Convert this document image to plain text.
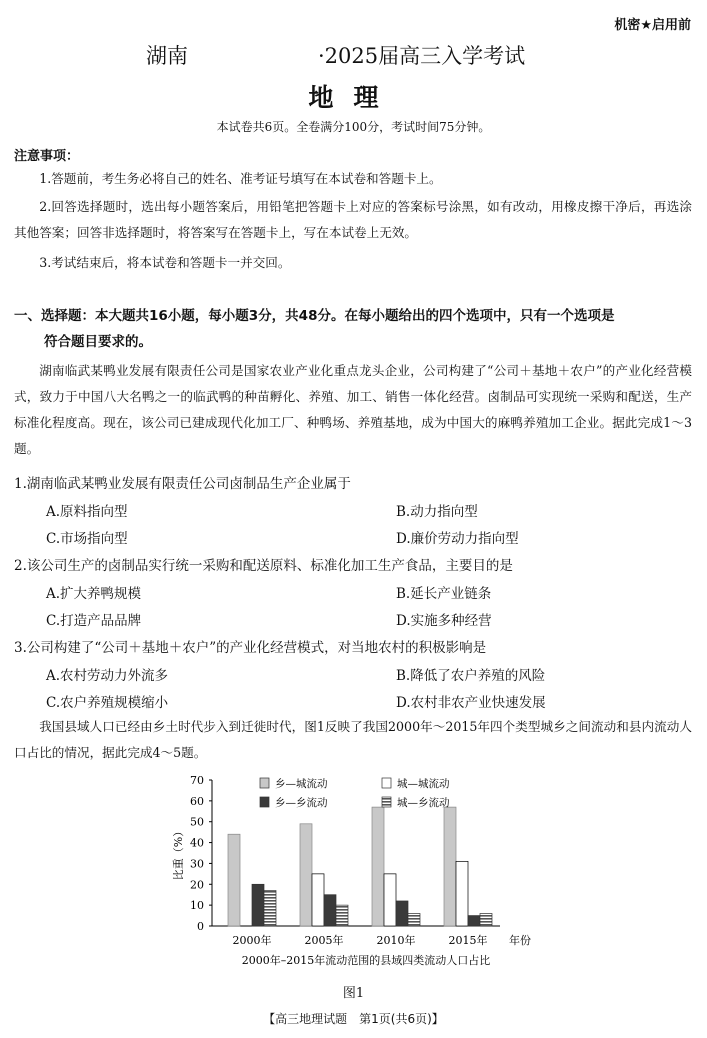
机密★启用前
湖南	·2025届高三入学考试
地理
本试卷共6页。全卷满分100分，考试时间75分钟。
注意事项：
1.答题前，考生务必将自己的姓名、准考证号填写在本试卷和答题卡上。
2.回答选择题时，选出每小题答案后，用铅笔把答题卡上对应的答案标号涂黑，如有改动，用橡皮擦干净后，再选涂其他答案；回答非选择题时，将答案写在答题卡上，写在本试卷上无效。
3.考试结束后，将本试卷和答题卡一并交回。
一、选择题：本大题共16小题，每小题3分，共48分。在每小题给出的四个选项中，只有一个选项是
符合题目要求的。
湖南临武某鸭业发展有限责任公司是国家农业产业化重点龙头企业，公司构建了“公司＋基地＋农户”的产业化经营模式，致力于中国八大名鸭之一的临武鸭的种苗孵化、养殖、加工、销售一体化经营。卤制品可实现统一采购和配送，生产标准化程度高。现在，该公司已建成现代化加工厂、种鸭场、养殖基地，成为中国大的麻鸭养殖加工企业。据此完成1～3题。
1.湖南临武某鸭业发展有限责任公司卤制品生产企业属于
A.原料指向型	B.动力指向型
C.市场指向型	D.廉价劳动力指向型
2.该公司生产的卤制品实行统一采购和配送原料、标准化加工生产食品，主要目的是
A.扩大养鸭规模	B.延长产业链条
C.打造产品品牌	D.实施多种经营
3.公司构建了“公司＋基地＋农户”的产业化经营模式，对当地农村的积极影响是
A.农村劳动力外流多	B.降低了农户养殖的风险
C.农户养殖规模缩小	D.农村非农产业快速发展
我国县域人口已经由乡土时代步入到迁徙时代，图1反映了我国2000年～2015年四个类型城乡之间流动和县内流动人口占比的情况，据此完成4～5题。
0
10
20
30
40
50
60
70	乡—城流动	城—城流动
乡—乡流动	城—乡流动
比重（%）
2000年	2005年	2010年	2015年 年份
2000年–2015年流动范围的县域四类流动人口占比
图1
【高三地理试题　第1页(共6页)】
